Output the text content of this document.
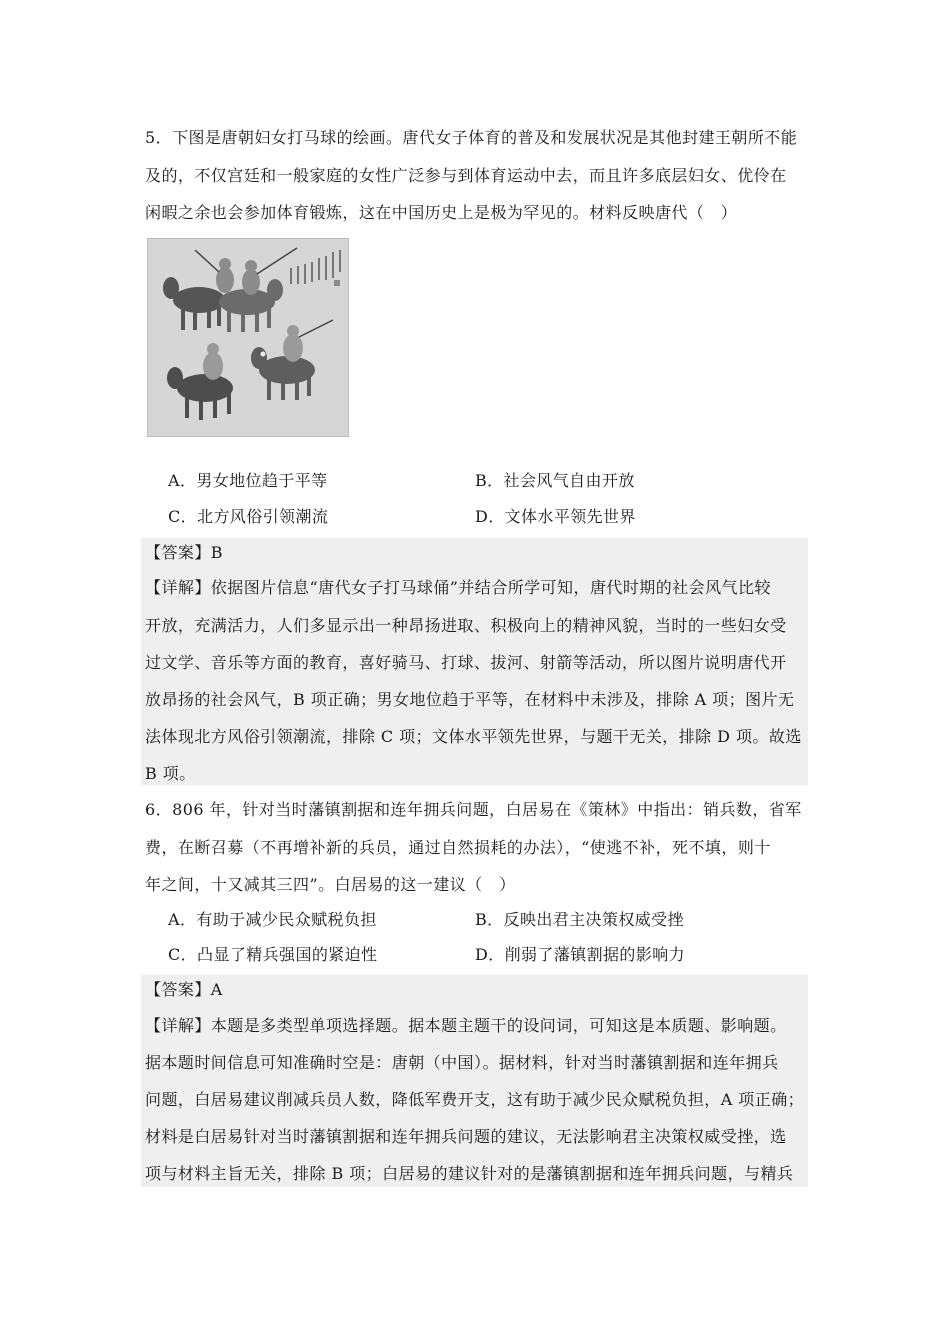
5．下图是唐朝妇女打马球的绘画。唐代女子体育的普及和发展状况是其他封建王朝所不能
及的，不仅宫廷和一般家庭的女性广泛参与到体育运动中去，而且许多底层妇女、优伶在
闲暇之余也会参加体育锻炼，这在中国历史上是极为罕见的。材料反映唐代（　）
A．男女地位趋于平等	B．社会风气自由开放
C．北方风俗引领潮流	D．文体水平领先世界
【答案】B
【详解】依据图片信息“唐代女子打马球俑”并结合所学可知，唐代时期的社会风气比较
开放，充满活力，人们多显示出一种昂扬进取、积极向上的精神风貌，当时的一些妇女受
过文学、音乐等方面的教育，喜好骑马、打球、拔河、射箭等活动，所以图片说明唐代开
放昂扬的社会风气，B 项正确；男女地位趋于平等，在材料中未涉及，排除 A 项；图片无
法体现北方风俗引领潮流，排除 C 项；文体水平领先世界，与题干无关，排除 D 项。故选
B 项。
6．806 年，针对当时藩镇割据和连年拥兵问题，白居易在《策林》中指出：销兵数，省军
费，在断召募（不再增补新的兵员，通过自然损耗的办法），“使逃不补，死不填，则十
年之间，十又减其三四”。白居易的这一建议（　）
A．有助于减少民众赋税负担	B．反映出君主决策权威受挫
C．凸显了精兵强国的紧迫性	D．削弱了藩镇割据的影响力
【答案】A
【详解】本题是多类型单项选择题。据本题主题干的设问词，可知这是本质题、影响题。
据本题时间信息可知准确时空是：唐朝（中国）。据材料，针对当时藩镇割据和连年拥兵
问题，白居易建议削减兵员人数，降低军费开支，这有助于减少民众赋税负担，A 项正确；
材料是白居易针对当时藩镇割据和连年拥兵问题的建议，无法影响君主决策权威受挫，选
项与材料主旨无关，排除 B 项；白居易的建议针对的是藩镇割据和连年拥兵问题，与精兵
